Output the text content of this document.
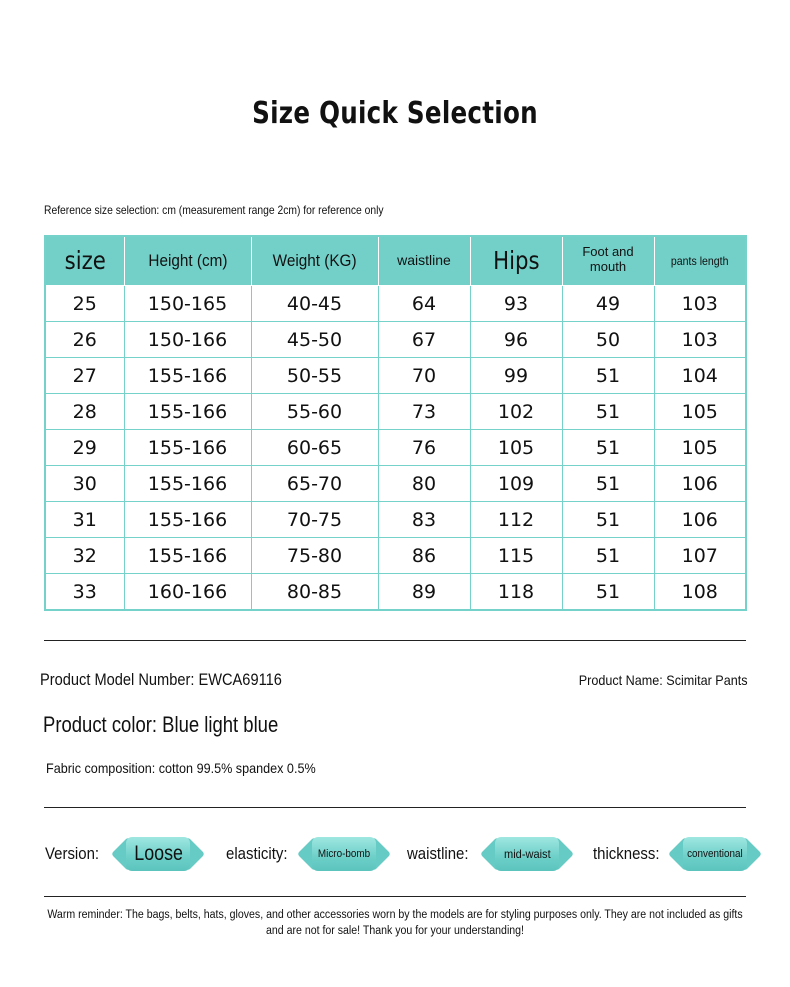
Size Quick Selection
Reference size selection: cm (measurement range 2cm) for reference only
size	Height (cm)	Weight (KG)	waistline	Hips	Foot and mouth	pants length
25	150-165	40-45	64	93	49	103
26	150-166	45-50	67	96	50	103
27	155-166	50-55	70	99	51	104
28	155-166	55-60	73	102	51	105
29	155-166	60-65	76	105	51	105
30	155-166	65-70	80	109	51	106
31	155-166	70-75	83	112	51	106
32	155-166	75-80	86	115	51	107
33	160-166	80-85	89	118	51	108
Product Model Number: EWCA69116	Product Name: Scimitar Pants
Product color: Blue light blue
Fabric composition: cotton 99.5% spandex 0.5%
Version: Loose	elasticity:	Micro-bomb waistline:	mid-waist	thickness: conventional
Warm reminder: The bags, belts, hats, gloves, and other accessories worn by the models are for styling purposes only. They are not included as gifts and are not for sale! Thank you for your understanding!
